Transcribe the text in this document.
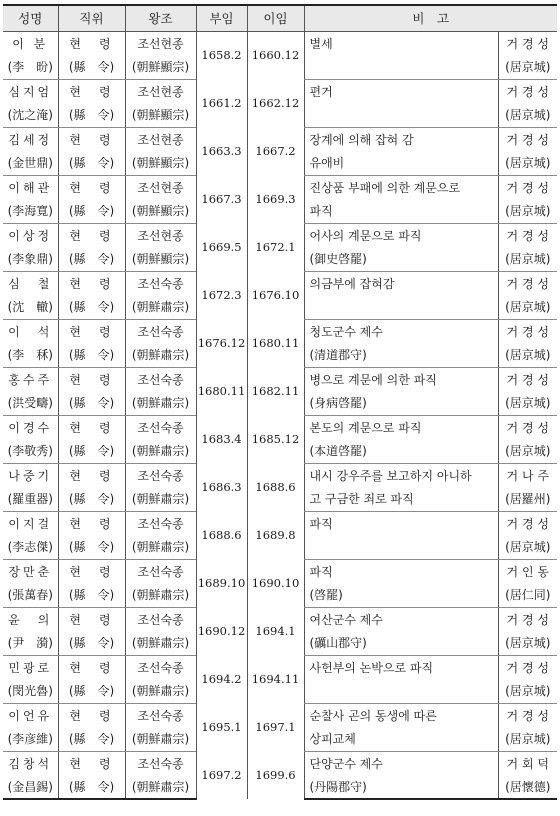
성명	직위	왕조	부임	이임	비　고	
이 분	현　령	조선현종	1658.2	1660.12	별세	거 경 성
(李　昐)	(縣　令)	(朝鮮顯宗)				(居京城)
심지엄	현　령	조선현종	1661.2	1662.12	편거	거 경 성
(沈之淹)	(縣　令)	(朝鮮顯宗)				(居京城)
김세정	현　령	조선현종	1663.3	1667.2	장계에 의해 잡혀 감	거 경 성
(金世鼎)	(縣　令)	(朝鮮顯宗)			유애비	(居京城)
이해관	현　령	조선현종	1667.3	1669.3	진상품 부패에 의한 계문으로	거 경 성
(李海寬)	(縣　令)	(朝鮮顯宗)			파직	(居京城)
이상정	현　령	조선현종	1669.5	1672.1	어사의 계문으로 파직	거 경 성
(李象鼎)	(縣　令)	(朝鮮顯宗)			(御史啓罷)	(居京城)
심　철	현　령	조선숙종	1672.3	1676.10	의금부에 잡혀감	거 경 성
(沈　轍)	(縣　令)	(朝鮮肅宗)				(居京城)
이　석	현　령	조선숙종	1676.12	1680.11	청도군수 제수	거 경 성
(李　秝)	(縣　令)	(朝鮮肅宗)			(清道郡守)	(居京城)
홍수주	현　령	조선숙종	1680.11	1682.11	병으로 계문에 의한 파직	거 경 성
(洪受疇)	(縣　令)	(朝鮮肅宗)			(身病啓罷)	(居京城)
이경수	현　령	조선숙종	1683.4	1685.12	본도의 계문으로 파직	거 경 성
(李敬秀)	(縣　令)	(朝鮮肅宗)			(本道啓罷)	(居京城)
나중기	현　령	조선숙종	1686.3	1688.6	내시 강우주를 보고하지 아니하	거 나 주
(羅重器)	(縣　令)	(朝鮮肅宗)			고 구금한 죄로 파직	(居羅州)
이지걸	현　령	조선숙종	1688.6	1689.8	파직	거 경 성
(李志傑)	(縣　令)	(朝鮮肅宗)				(居京城)
장만춘	현　령	조선숙종	1689.10	1690.10	파직	거 인 동
(張萬春)	(縣　令)	(朝鮮肅宗)			(啓罷)	(居仁同)
윤　의	현　령	조선숙종	1690.12	1694.1	여산군수 제수	거 경 성
(尹　漪)	(縣　令)	(朝鮮肅宗)			(礪山郡守)	(居京城)
민광로	현　령	조선숙종	1694.2	1694.11	사헌부의 논박으로 파직	거 경 성
(閔光魯)	(縣　令)	(朝鮮肅宗)				(居京城)
이언유	현　령	조선숙종	1695.1	1697.1	순찰사 곤의 동생에 따른	거 경 성
(李彦維)	(縣　令)	(朝鮮肅宗)			상피교체	(居京城)
김창석	현　령	조선숙종	1697.2	1699.6	단양군수 제수	거 회 덕
(金昌錫)	(縣　令)	(朝鮮肅宗)			(丹陽郡守)	(居懷德)
